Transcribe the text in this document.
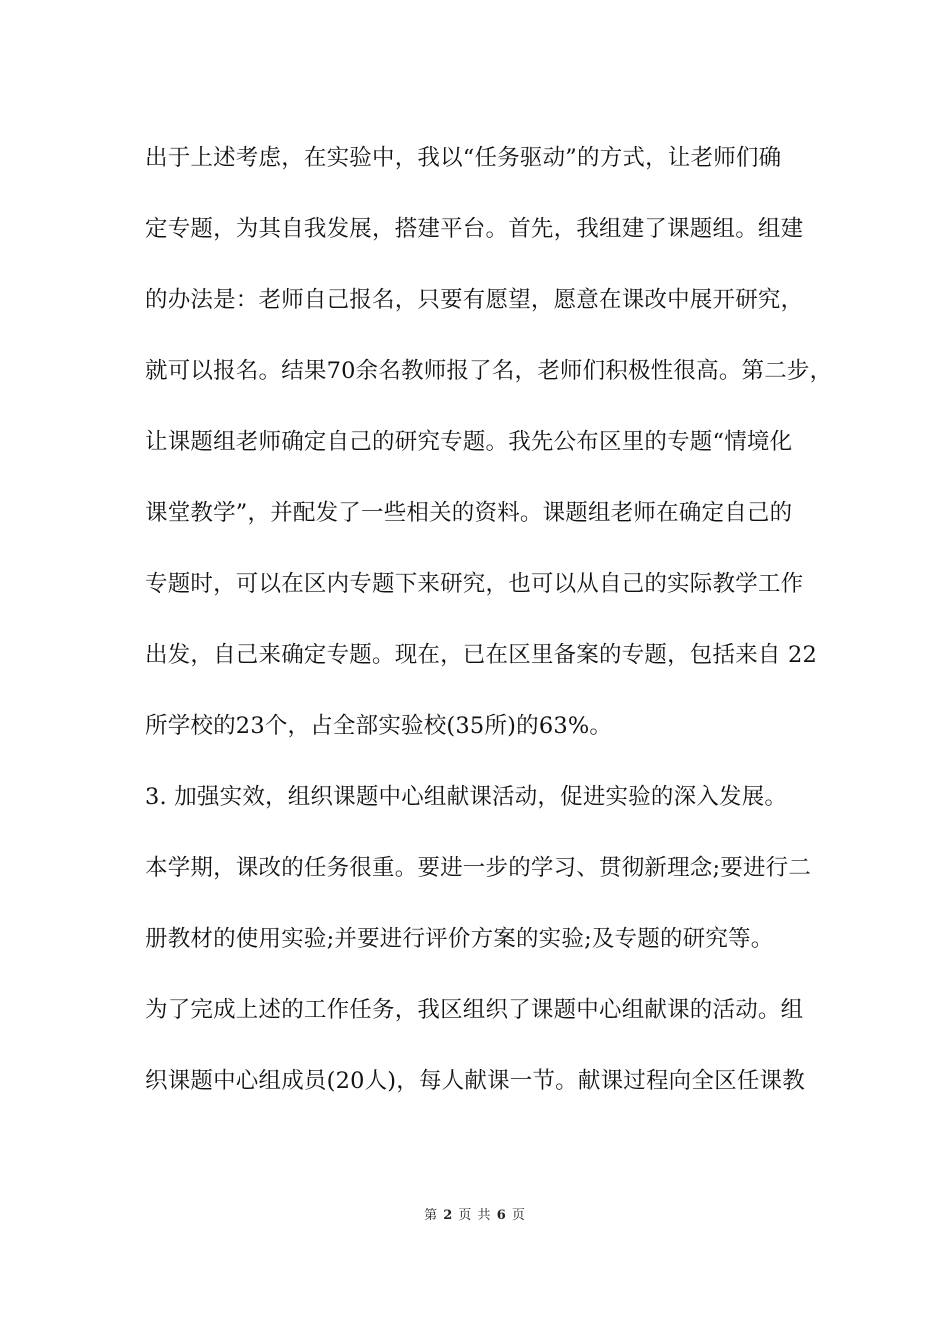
出于上述考虑，在实验中，我以“任务驱动”的方式，让老师们确
定专题，为其自我发展，搭建平台。首先，我组建了课题组。组建
的办法是：老师自己报名，只要有愿望，愿意在课改中展开研究，
就可以报名。结果70余名教师报了名，老师们积极性很高。第二步，
让课题组老师确定自己的研究专题。我先公布区里的专题“情境化
课堂教学”，并配发了一些相关的资料。课题组老师在确定自己的
专题时，可以在区内专题下来研究，也可以从自己的实际教学工作
出发，自己来确定专题。现在，已在区里备案的专题，包括来自 22
所学校的23个，占全部实验校(35所)的63%。
3. 加强实效，组织课题中心组献课活动，促进实验的深入发展。
本学期，课改的任务很重。要进一步的学习、贯彻新理念;要进行二
册教材的使用实验;并要进行评价方案的实验;及专题的研究等。
为了完成上述的工作任务，我区组织了课题中心组献课的活动。组
织课题中心组成员(20人)，每人献课一节。献课过程向全区任课教
第 2 页 共 6 页
